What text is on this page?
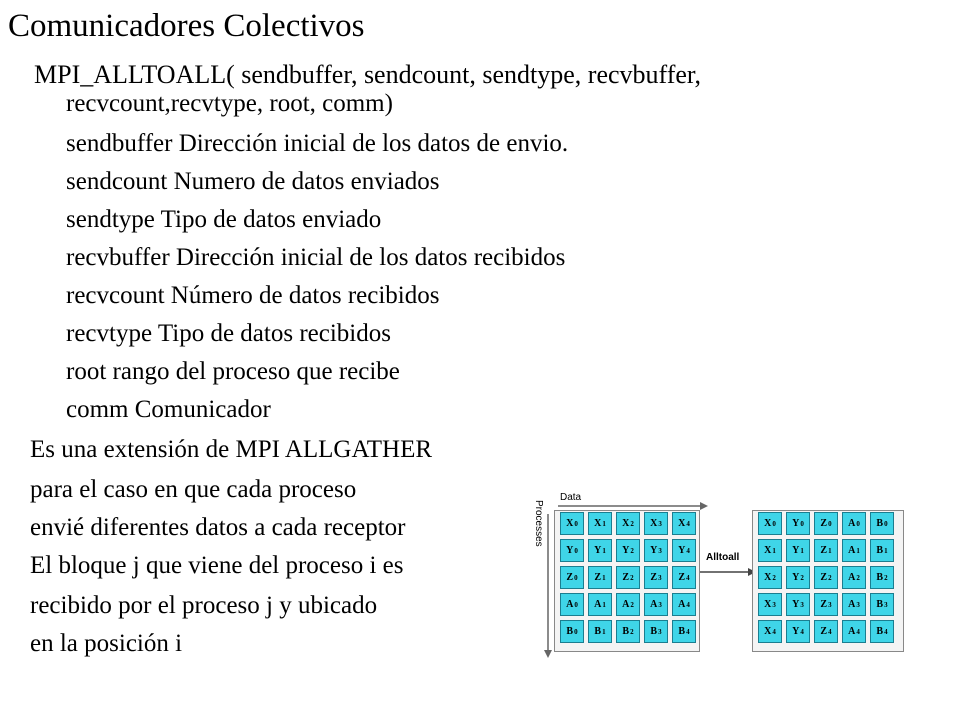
Comunicadores Colectivos
MPI_ALLTOALL( sendbuffer, sendcount, sendtype, recvbuffer,
recvcount,recvtype, root, comm)
sendbuffer Dirección inicial de los datos de envio.
sendcount Numero de datos enviados
sendtype Tipo de datos enviado
recvbuffer Dirección inicial de los datos recibidos
recvcount Número de datos recibidos
recvtype Tipo de datos recibidos
root rango del proceso que recibe
comm Comunicador
Es una extensión de MPI ALLGATHER
para el caso en que cada proceso
envié diferentes datos a cada receptor
El bloque j que viene del proceso i es
recibido por el proceso j y ubicado
en la posición i
Data
Processes
Alltoall
X 0 X 1 X 2 X 3 X 4
Y 0 Y 1 Y 2 Y 3 Y 4
Z 0 Z 1 Z 2 Z 3 Z 4
A 0 A 1 A 2 A 3 A 4
B 0 B 1 B 2 B 3 B 4
X 0 Y 0 Z 0 A 0 B 0
X 1 Y 1 Z 1 A 1 B 1
X 2 Y 2 Z 2 A 2 B 2
X 3 Y 3 Z 3 A 3 B 3
X 4 Y 4 Z 4 A 4 B 4
